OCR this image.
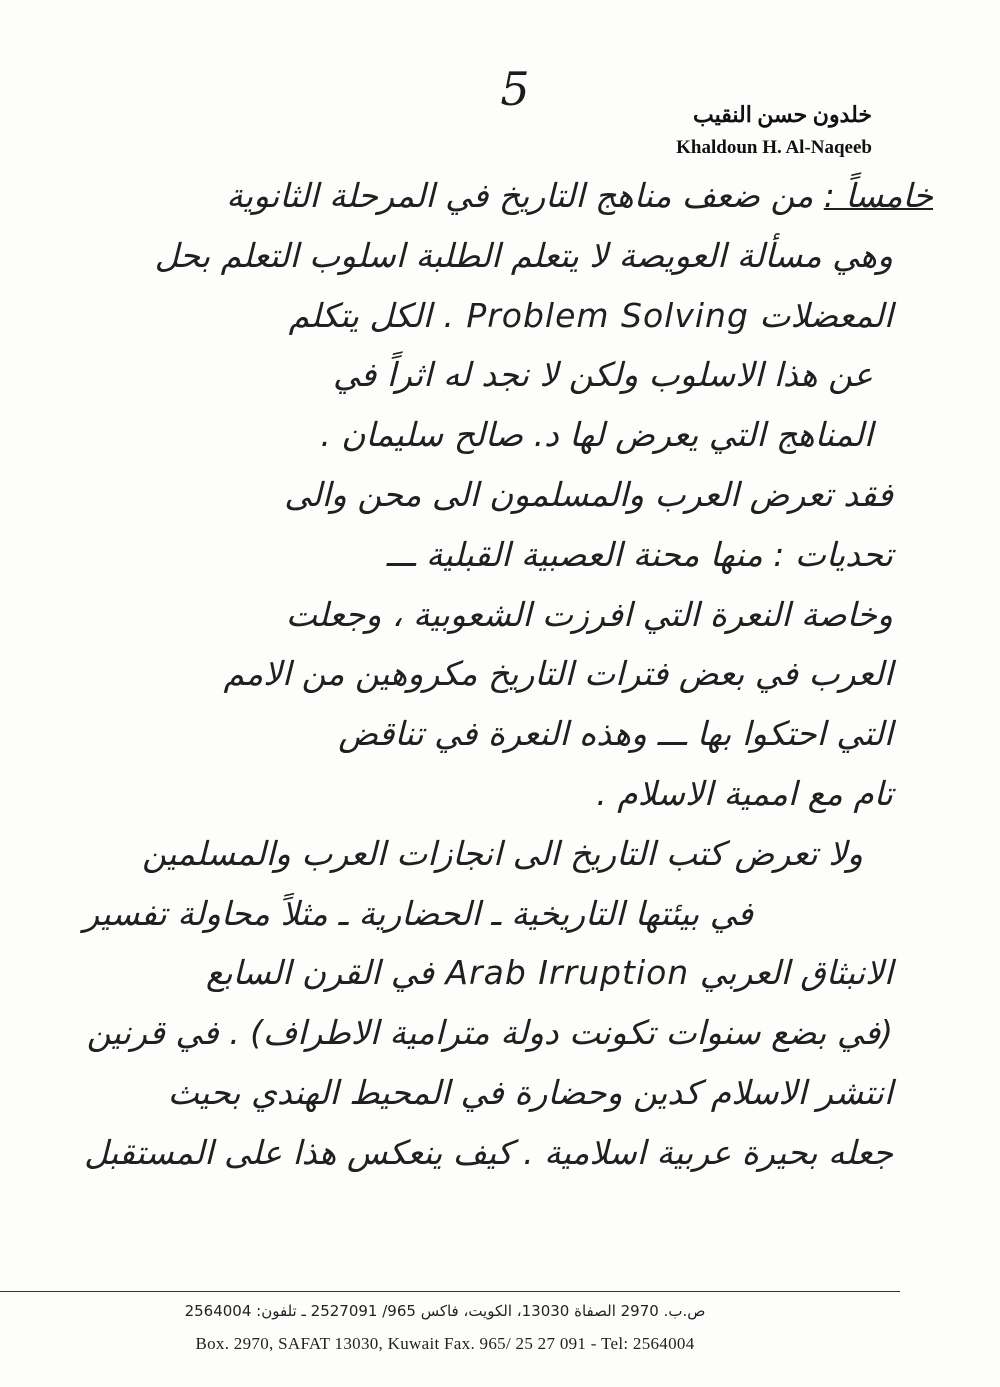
5	خلدون حسن النقيب
Khaldoun H. Al-Naqeeb
خامساً : من ضعف مناهج التاريخ في المرحلة الثانوية
وهي مسألة العويصة لا يتعلم الطلبة اسلوب التعلم بحل
المعضلات Problem Solving . الكل يتكلم
عن هذا الاسلوب ولكن لا نجد له اثراً في
المناهج التي يعرض لها د. صالح سليمان .
فقد تعرض العرب والمسلمون الى محن والى
تحديات : منها محنة العصبية القبلية ـــ
وخاصة النعرة التي افرزت الشعوبية ، وجعلت
العرب في بعض فترات التاريخ مكروهين من الامم
التي احتكوا بها ـــ وهذه النعرة في تناقض
تام مع اممية الاسلام .
ولا تعرض كتب التاريخ الى انجازات العرب والمسلمين
في بيئتها التاريخية ـ الحضارية ـ مثلاً محاولة تفسير
الانبثاق العربي Arab Irruption في القرن السابع
(في بضع سنوات تكونت دولة مترامية الاطراف) . في قرنين
انتشر الاسلام كدين وحضارة في المحيط الهندي بحيث
جعله بحيرة عربية اسلامية . كيف ينعكس هذا على المستقبل
ص.ب. 2970 الصفاة 13030، الكويت، فاكس 965/ 2527091 ـ تلفون: 2564004
Box. 2970, SAFAT 13030, Kuwait Fax. 965/ 25 27 091 - Tel: 2564004
